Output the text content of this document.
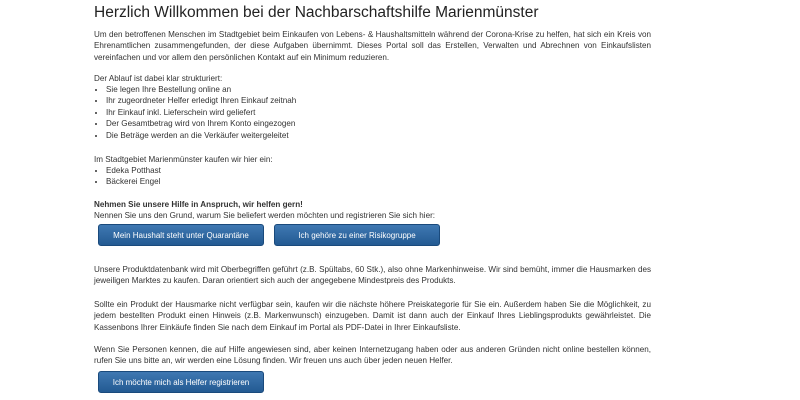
Herzlich Willkommen bei der Nachbarschaftshilfe Marienmünster

Um den betroffenen Menschen im Stadtgebiet beim Einkaufen von Lebens- & Haushaltsmitteln während der Corona-Krise zu helfen, hat sich ein Kreis von Ehrenamtlichen zusammengefunden, der diese Aufgaben übernimmt. Dieses Portal soll das Erstellen, Verwalten und Abrechnen von Einkaufslisten vereinfachen und vor allem den persönlichen Kontakt auf ein Minimum reduzieren.

Der Ablauf ist dabei klar strukturiert:
• Sie legen Ihre Bestellung online an
• Ihr zugeordneter Helfer erledigt Ihren Einkauf zeitnah
• Ihr Einkauf inkl. Lieferschein wird geliefert
• Der Gesamtbetrag wird von Ihrem Konto eingezogen
• Die Beträge werden an die Verkäufer weitergeleitet
Im Stadtgebiet Marienmünster kaufen wir hier ein:
• Edeka Potthast
• Bäckerei Engel
Nehmen Sie unsere Hilfe in Anspruch, wir helfen gern!
Nennen Sie uns den Grund, warum Sie beliefert werden möchten und registrieren Sie sich hier:
Mein Haushalt steht unter Quarantäne	Ich gehöre zu einer Risikogruppe

Unsere Produktdatenbank wird mit Oberbegriffen geführt (z.B. Spültabs, 60 Stk.), also ohne Markenhinweise. Wir sind bemüht, immer die Hausmarken des jeweiligen Marktes zu kaufen. Daran orientiert sich auch der angegebene Mindestpreis des Produkts.

Sollte ein Produkt der Hausmarke nicht verfügbar sein, kaufen wir die nächste höhere Preiskategorie für Sie ein. Außerdem haben Sie die Möglichkeit, zu jedem bestellten Produkt einen Hinweis (z.B. Markenwunsch) einzugeben. Damit ist dann auch der Einkauf Ihres Lieblingsprodukts gewährleistet. Die Kassenbons Ihrer Einkäufe finden Sie nach dem Einkauf im Portal als PDF-Datei in Ihrer Einkaufsliste.

Wenn Sie Personen kennen, die auf Hilfe angewiesen sind, aber keinen Internetzugang haben oder aus anderen Gründen nicht online bestellen können, rufen Sie uns bitte an, wir werden eine Lösung finden. Wir freuen uns auch über jeden neuen Helfer.

Ich möchte mich als Helfer registrieren
